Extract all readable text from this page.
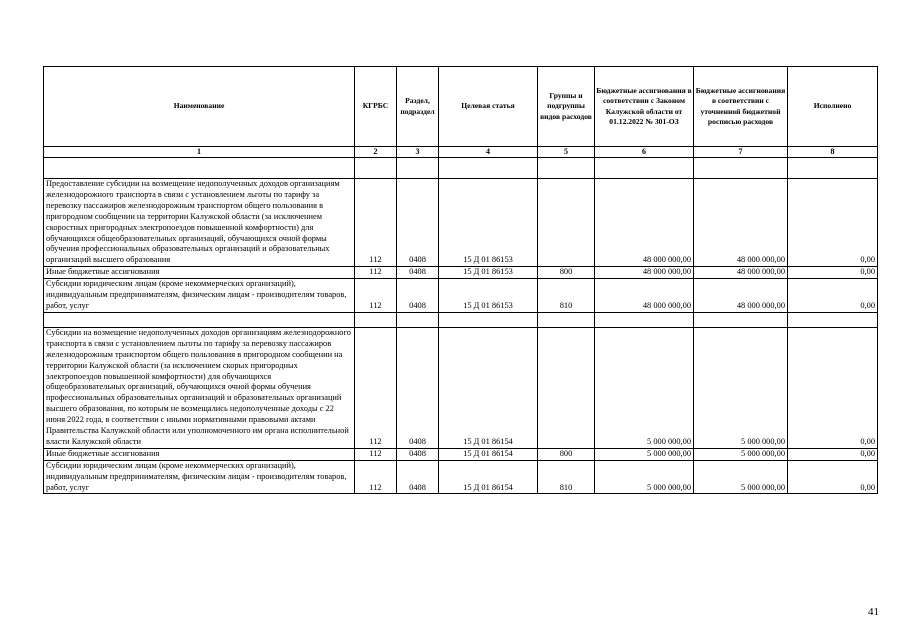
Наименование	КГРБС	Раздел, подраздел	Целевая статья	Группы и подгруппы видов расходов	Бюджетные ассигнования в соответствии с Законом Калужской области от 01.12.2022 № 301-ОЗ	Бюджетные ассигнования в соответствии с уточненной бюджетной росписью расходов	Исполнено
1	2	3	4	5	6	7	8

Предоставление субсидии на возмещение недополученных доходов организациям железнодорожного транспорта в связи с установлением льготы по тарифу за перевозку пассажиров железнодорожным транспортом общего пользования в пригородном сообщении на территории Калужской области (за исключением скоростных пригородных электропоездов повышенной комфортности) для обучающихся общеобразовательных организаций, обучающихся очной формы обучения профессиональных образовательных организаций и образовательных организаций высшего образования	112	0408	15 Д 01 86153		48 000 000,00	48 000 000,00	0,00
Иные бюджетные ассигнования	112	0408	15 Д 01 86153	800	48 000 000,00	48 000 000,00	0,00
Субсидии юридическим лицам (кроме некоммерческих организаций), индивидуальным предпринимателям, физическим лицам - производителям товаров, работ, услуг	112	0408	15 Д 01 86153	810	48 000 000,00	48 000 000,00	0,00

Субсидии на возмещение недополученных доходов организациям железнодорожного транспорта в связи с установлением льготы по тарифу за перевозку пассажиров железнодорожным транспортом общего пользования в пригородном сообщении на территории Калужской области (за исключением скорых пригородных электропоездов повышенной комфортности) для обучающихся общеобразовательных организаций, обучающихся очной формы обучения профессиональных образовательных организаций и образовательных организаций высшего образования, по которым не возмещались недополученные доходы с 22 июня 2022 года, в соответствии с иными нормативными правовыми актами Правительства Калужской области или уполномоченного им органа исполнительной власти Калужской области	112	0408	15 Д 01 86154		5 000 000,00	5 000 000,00	0,00
Иные бюджетные ассигнования	112	0408	15 Д 01 86154	800	5 000 000,00	5 000 000,00	0,00
Субсидии юридическим лицам (кроме некоммерческих организаций), индивидуальным предпринимателям, физическим лицам - производителям товаров, работ, услуг	112	0408	15 Д 01 86154	810	5 000 000,00	5 000 000,00	0,00
41
